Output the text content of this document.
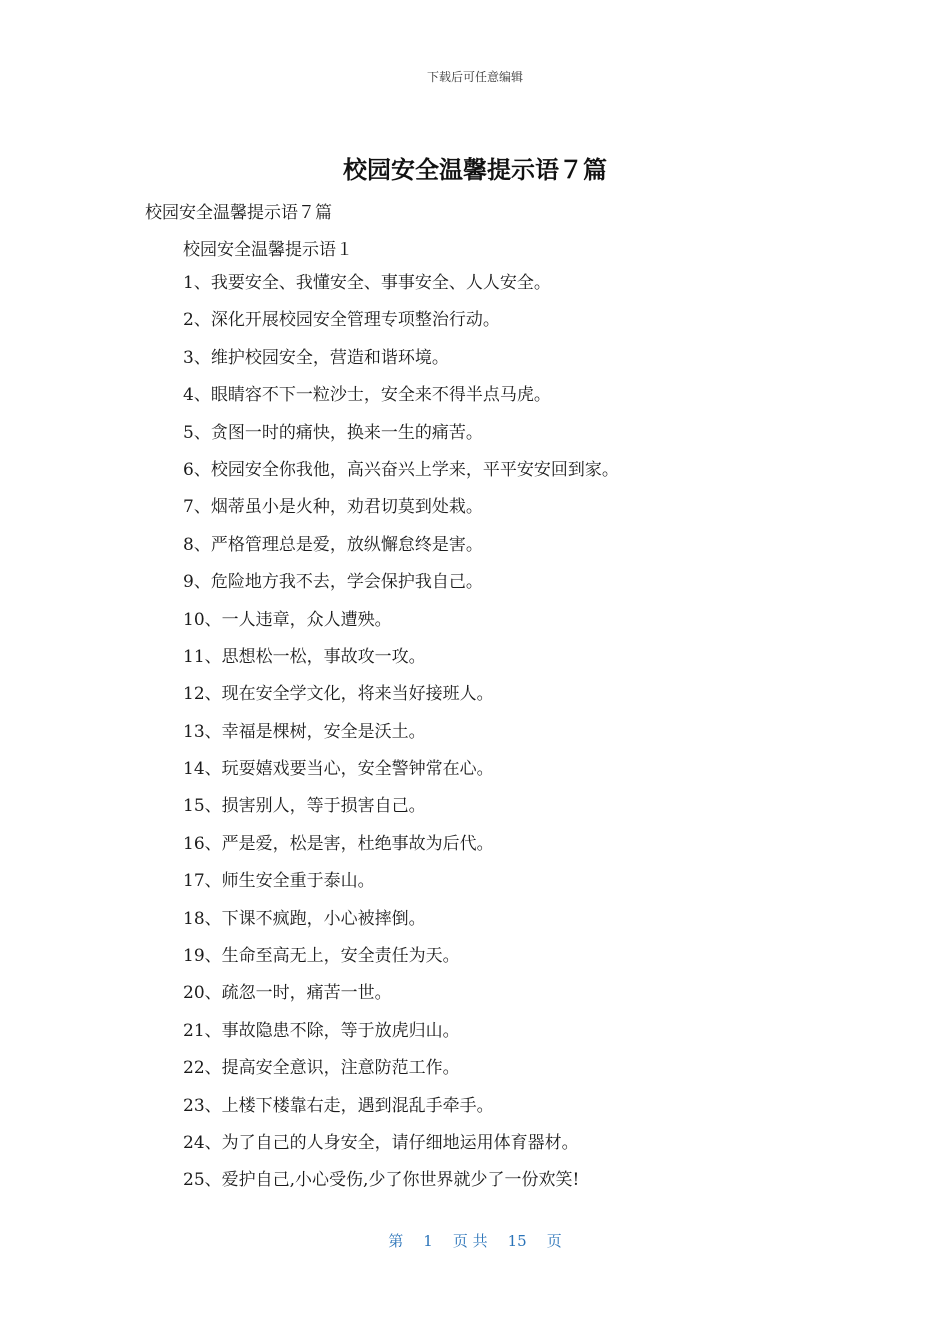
下载后可任意编辑
校园安全温馨提示语７篇

校园安全温馨提示语７篇

校园安全温馨提示语１

1、我要安全、我懂安全、事事安全、人人安全。
2、深化开展校园安全管理专项整治行动。
3、维护校园安全，营造和谐环境。
4、眼睛容不下一粒沙士，安全来不得半点马虎。
5、贪图一时的痛快，换来一生的痛苦。
6、校园安全你我他，高兴奋兴上学来，平平安安回到家。
7、烟蒂虽小是火种，劝君切莫到处栽。
8、严格管理总是爱，放纵懈怠终是害。
9、危险地方我不去，学会保护我自己。
10、一人违章，众人遭殃。
11、思想松一松，事故攻一攻。
12、现在安全学文化，将来当好接班人。
13、幸福是棵树，安全是沃土。
14、玩耍嬉戏要当心，安全警钟常在心。
15、损害别人，等于损害自己。
16、严是爱，松是害，杜绝事故为后代。
17、师生安全重于泰山。
18、下课不疯跑，小心被摔倒。
19、生命至高无上，安全责任为天。
20、疏忽一时，痛苦一世。
21、事故隐患不除，等于放虎归山。
22、提高安全意识，注意防范工作。
23、上楼下楼靠右走，遇到混乱手牵手。
24、为了自己的人身安全，请仔细地运用体育器材。
25、爱护自己,小心受伤,少了你世界就少了一份欢笑!
第 1 页 共 15 页
